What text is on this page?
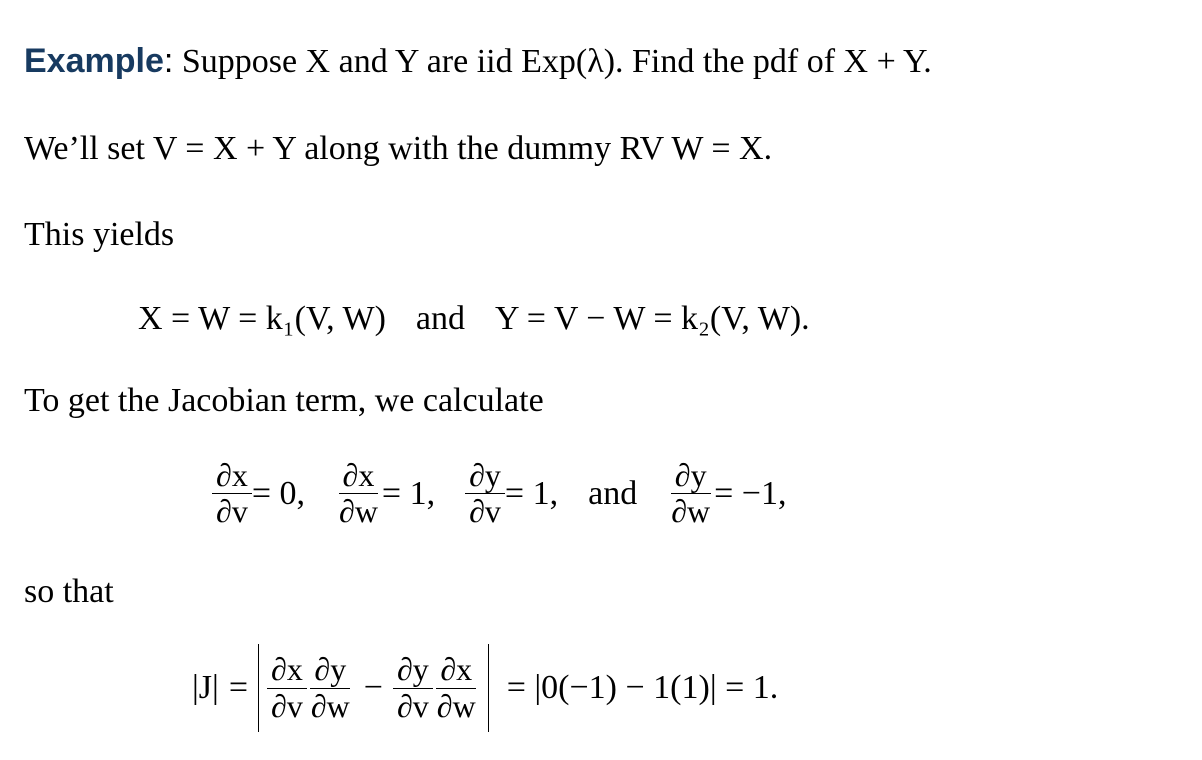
Example: Suppose X and Y are iid Exp(λ). Find the pdf of X + Y.
We’ll set V = X + Y along with the dummy RV W = X.
This yields
X = W = k₁(V, W) and Y = V − W = k₂(V, W).
To get the Jacobian term, we calculate
$\frac{\partial x}{\partial v} = 0$, $\frac{\partial x}{\partial w} = 1$, $\frac{\partial y}{\partial v} = 1$, and $\frac{\partial y}{\partial w} = -1$,
so that
$|J| = \frac{\partial x}{\partial v} \frac{\partial y}{\partial w} - \frac{\partial y}{\partial v} \frac{\partial x}{\partial w} = |0(-1) - 1(1)| = 1$.
